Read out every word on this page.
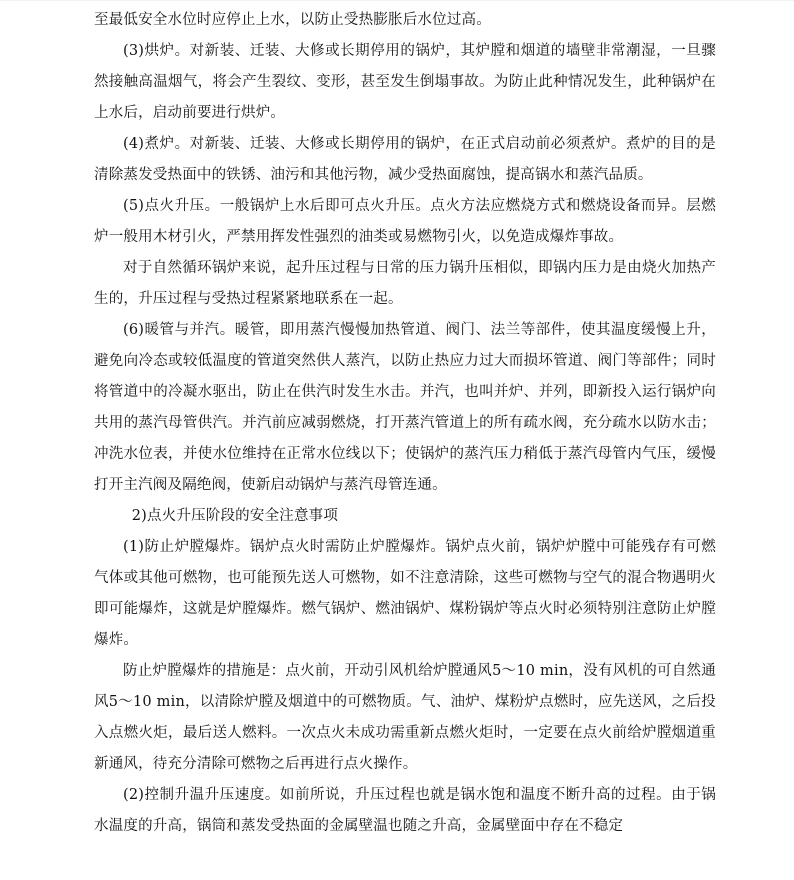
至最低安全水位时应停止上水，以防止受热膨胀后水位过高。

(3)烘炉。对新装、迁装、大修或长期停用的锅炉，其炉膛和烟道的墙壁非常潮湿，一旦骤然接触高温烟气，将会产生裂纹、变形，甚至发生倒塌事故。为防止此种情况发生，此种锅炉在上水后，启动前要进行烘炉。

(4)煮炉。对新装、迁装、大修或长期停用的锅炉，在正式启动前必须煮炉。煮炉的目的是清除蒸发受热面中的铁锈、油污和其他污物，减少受热面腐蚀，提高锅水和蒸汽品质。

(5)点火升压。一般锅炉上水后即可点火升压。点火方法应燃烧方式和燃烧设备而异。层燃炉一般用木材引火，严禁用挥发性强烈的油类或易燃物引火，以免造成爆炸事故。

对于自然循环锅炉来说，起升压过程与日常的压力锅升压相似，即锅内压力是由烧火加热产生的，升压过程与受热过程紧紧地联系在一起。

(6)暖管与并汽。暖管，即用蒸汽慢慢加热管道、阀门、法兰等部件，使其温度缓慢上升，避免向冷态或较低温度的管道突然供人蒸汽，以防止热应力过大而损坏管道、阀门等部件；同时将管道中的冷凝水驱出，防止在供汽时发生水击。并汽，也叫并炉、并列，即新投入运行锅炉向共用的蒸汽母管供汽。并汽前应减弱燃烧，打开蒸汽管道上的所有疏水阀，充分疏水以防水击；冲洗水位表，并使水位维持在正常水位线以下；使锅炉的蒸汽压力稍低于蒸汽母管内气压，缓慢打开主汽阀及隔绝阀，使新启动锅炉与蒸汽母管连通。

2)点火升压阶段的安全注意事项

(1)防止炉膛爆炸。锅炉点火时需防止炉膛爆炸。锅炉点火前，锅炉炉膛中可能残存有可燃气体或其他可燃物，也可能预先送人可燃物，如不注意清除，这些可燃物与空气的混合物遇明火即可能爆炸，这就是炉膛爆炸。燃气锅炉、燃油锅炉、煤粉锅炉等点火时必须特别注意防止炉膛爆炸。

防止炉膛爆炸的措施是：点火前，开动引风机给炉膛通风5～10 min，没有风机的可自然通风5～10 min，以清除炉膛及烟道中的可燃物质。气、油炉、煤粉炉点燃时，应先送风，之后投入点燃火炬，最后送人燃料。一次点火未成功需重新点燃火炬时，一定要在点火前给炉膛烟道重新通风，待充分清除可燃物之后再进行点火操作。

(2)控制升温升压速度。如前所说，升压过程也就是锅水饱和温度不断升高的过程。由于锅水温度的升高，锅筒和蒸发受热面的金属壁温也随之升高，金属壁面中存在不稳定
